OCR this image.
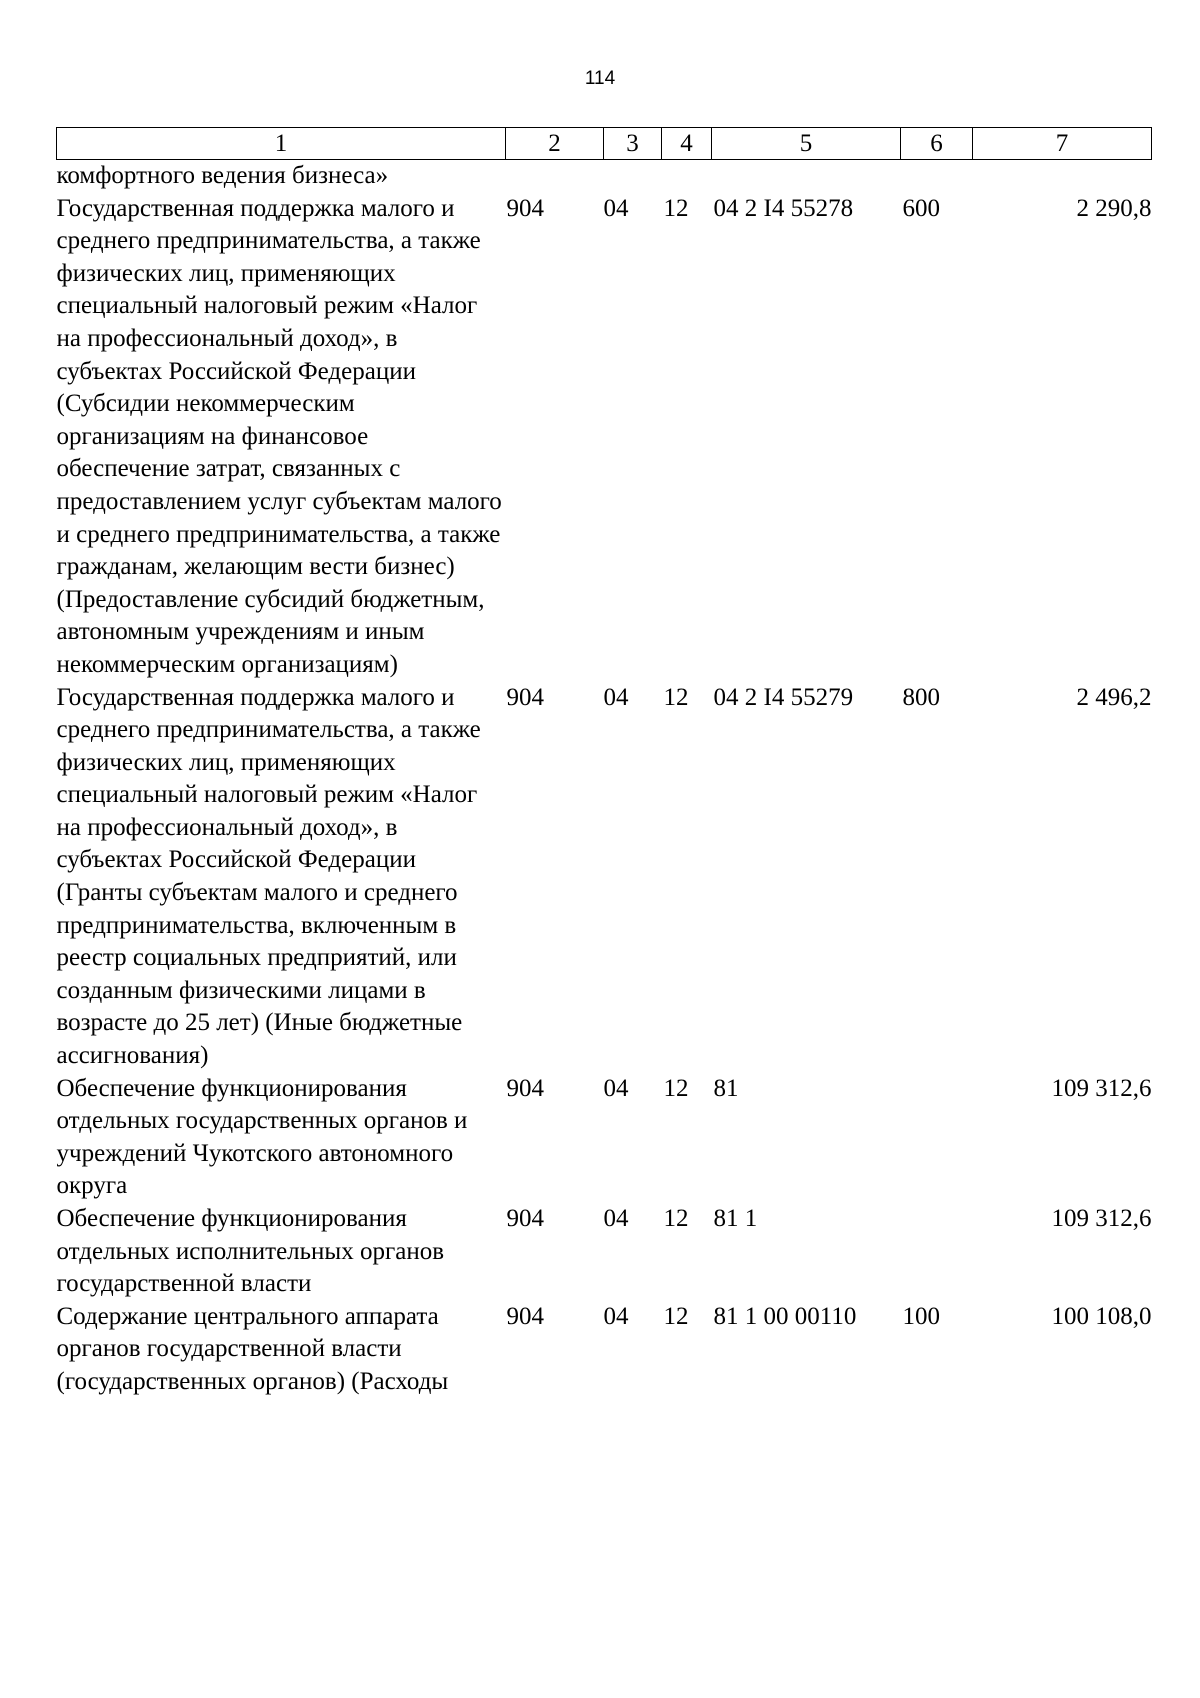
114
1	2	3	4	5	6	7
комфортного ведения бизнеса»						
Государственная поддержка малого и среднего предпринимательства, а также физических лиц, применяющих специальный налоговый режим «Налог на профессиональный доход», в субъектах Российской Федерации (Субсидии некоммерческим организациям на финансовое обеспечение затрат, связанных с предоставлением услуг субъектам малого и среднего предпринимательства, а также гражданам, желающим вести бизнес) (Предоставление субсидий бюджетным, автономным учреждениям и иным некоммерческим организациям)	904	04	12	04 2 I4 55278	600	2 290,8
Государственная поддержка малого и среднего предпринимательства, а также физических лиц, применяющих специальный налоговый режим «Налог на профессиональный доход», в субъектах Российской Федерации (Гранты субъектам малого и среднего предпринимательства, включенным в реестр социальных предприятий, или созданным физическими лицами в возрасте до 25 лет) (Иные бюджетные ассигнования)	904	04	12	04 2 I4 55279	800	2 496,2
Обеспечение функционирования отдельных государственных органов и учреждений Чукотского автономного округа	904	04	12	81		109 312,6
Обеспечение функционирования отдельных исполнительных органов государственной власти	904	04	12	81 1		109 312,6
Содержание центрального аппарата органов государственной власти (государственных органов) (Расходы	904	04	12	81 1 00 00110	100	100 108,0
